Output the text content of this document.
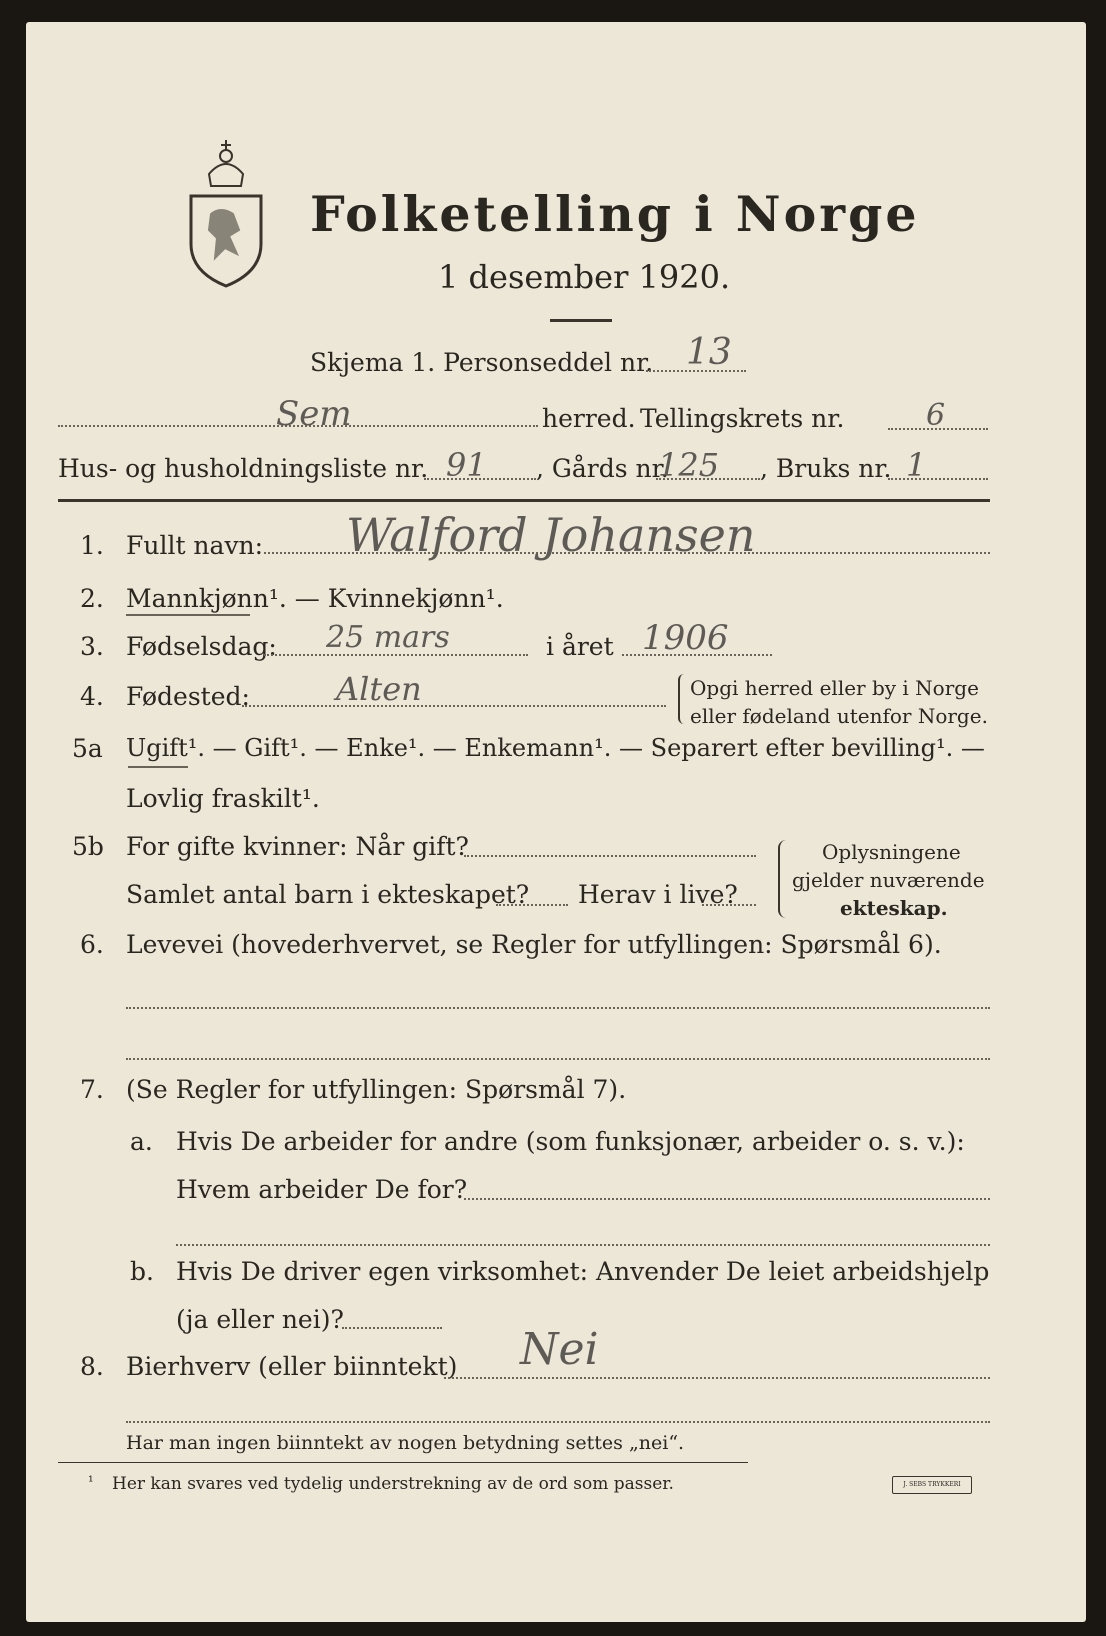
Folketelling i Norge
1 desember 1920.
Skjema 1. Personseddel nr. 13
Sem	herred. Tellingskrets nr.	6
Hus- og husholdningsliste nr. 91 , Gårds nr.
125 , Bruks nr. 1
1. Fullt navn: Walford Johansen
2. Mannkjønn¹. — Kvinnekjønn¹.
3. Fødselsdag: 25 mars	i året 1906
4. Fødested:	Alten	Opgi herred eller by i Norge
eller fødeland utenfor Norge.
5a Ugift¹. — Gift¹. — Enke¹. — Enkemann¹. — Separert efter bevilling¹. —
Lovlig fraskilt¹.
5b For gifte kvinner: Når gift?
Samlet antal barn i ekteskapet? Herav i live?
Oplysningene
gjelder nuværende
ekteskap.
6. Levevei (hovederhvervet, se Regler for utfyllingen: Spørsmål 6).
7. (Se Regler for utfyllingen: Spørsmål 7).
a. Hvis De arbeider for andre (som funksjonær, arbeider o. s. v.):
Hvem arbeider De for?
b. Hvis De driver egen virksomhet: Anvender De leiet arbeidshjelp
(ja eller nei)?
8. Bierhverv (eller biinntekt) Nei
Har man ingen biinntekt av nogen betydning settes „nei“.
¹ Her kan svares ved tydelig understrekning av de ord som passer.	$^{J. SEBS TRYKKERI}$
